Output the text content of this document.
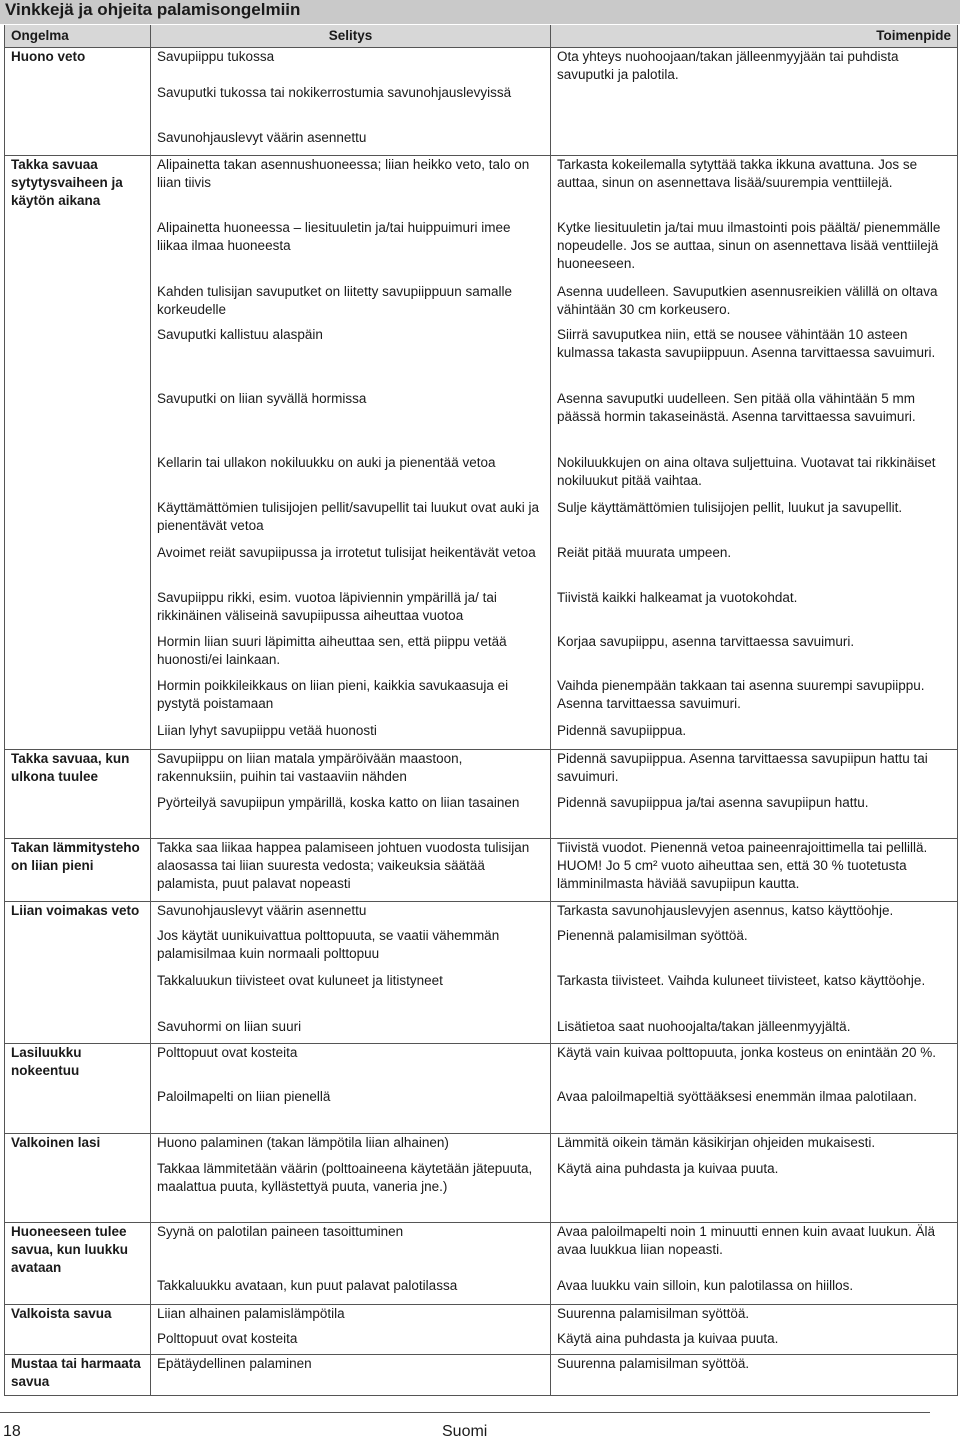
Vinkkejä ja ohjeita palamisongelmiin
Ongelma	Selitys	Toimenpide

Huono veto	Savupiippu tukossa	Ota yhteys nuohoojaan/takan jälleenmyyjään tai puhdista savuputki ja palotila.

	Savuputki tukossa tai nokikerrostumia savunohjauslevyissä	

	Savunohjauslevyt väärin asennettu	

Takka savuaa sytytysvaiheen ja käytön aikana	Alipainetta takan asennushuoneessa; liian heikko veto, talo on liian tiivis	Tarkasta kokeilemalla sytyttää takka ikkuna avattuna. Jos se auttaa, sinun on asennettava lisää/suurempia venttiilejä.

	Alipainetta huoneessa – liesituuletin ja/tai huippuimuri imee liikaa ilmaa huoneesta	Kytke liesituuletin ja/tai muu ilmastointi pois päältä/ pienemmälle nopeudelle. Jos se auttaa, sinun on asennettava lisää venttiilejä huoneeseen.

	Kahden tulisijan savuputket on liitetty savupiippuun samalle korkeudelle	Asenna uudelleen. Savuputkien asennusreikien välillä on oltava vähintään 30 cm korkeusero.

	Savuputki kallistuu alaspäin	Siirrä savuputkea niin, että se nousee vähintään 10 asteen kulmassa takasta savupiippuun. Asenna tarvittaessa savuimuri.

	Savuputki on liian syvällä hormissa	Asenna savuputki uudelleen. Sen pitää olla vähintään 5 mm päässä hormin takaseinästä. Asenna tarvittaessa savuimuri.

	Kellarin tai ullakon nokiluukku on auki ja pienentää vetoa	Nokiluukkujen on aina oltava suljettuina. Vuotavat tai rikkinäiset nokiluukut pitää vaihtaa.

	Käyttämättömien tulisijojen pellit/savupellit tai luukut ovat auki ja pienentävät vetoa	Sulje käyttämättömien tulisijojen pellit, luukut ja savupellit.

	Avoimet reiät savupiipussa ja irrotetut tulisijat heikentävät vetoa	Reiät pitää muurata umpeen.

	Savupiippu rikki, esim. vuotoa läpiviennin ympärillä ja/ tai rikkinäinen väliseinä savupiipussa aiheuttaa vuotoa	Tiivistä kaikki halkeamat ja vuotokohdat.

	Hormin liian suuri läpimitta aiheuttaa sen, että piippu vetää huonosti/ei lainkaan.	Korjaa savupiippu, asenna tarvittaessa savuimuri.

	Hormin poikkileikkaus on liian pieni, kaikkia savukaasuja ei pystytä poistamaan	Vaihda pienempään takkaan tai asenna suurempi savupiippu. Asenna tarvittaessa savuimuri.

	Liian lyhyt savupiippu vetää huonosti	Pidennä savupiippua.

Takka savuaa, kun ulkona tuulee	Savupiippu on liian matala ympäröivään maastoon, rakennuksiin, puihin tai vastaaviin nähden	Pidennä savupiippua. Asenna tarvittaessa savupiipun hattu tai savuimuri.

	Pyörteilyä savupiipun ympärillä, koska katto on liian tasainen	Pidennä savupiippua ja/tai asenna savupiipun hattu.

Takan lämmitysteho on liian pieni	Takka saa liikaa happea palamiseen johtuen vuodosta tulisijan alaosassa tai liian suuresta vedosta; vaikeuksia säätää palamista, puut palavat nopeasti	Tiivistä vuodot. Pienennä vetoa paineenrajoittimella tai pellillä. HUOM! Jo 5 cm² vuoto aiheuttaa sen, että 30 % tuotetusta lämminilmasta häviää savupiipun kautta.

Liian voimakas veto	Savunohjauslevyt väärin asennettu	Tarkasta savunohjauslevyjen asennus, katso käyttöohje.

	Jos käytät uunikuivattua polttopuuta, se vaatii vähemmän palamisilmaa kuin normaali polttopuu	Pienennä palamisilman syöttöä.

	Takkaluukun tiivisteet ovat kuluneet ja litistyneet	Tarkasta tiivisteet. Vaihda kuluneet tiivisteet, katso käyttöohje.

	Savuhormi on liian suuri	Lisätietoa saat nuohoojalta/takan jälleenmyyjältä.

Lasiluukku nokeentuu	Polttopuut ovat kosteita	Käytä vain kuivaa polttopuuta, jonka kosteus on enintään 20 %.

	Paloilmapelti on liian pienellä	Avaa paloilmapeltiä syöttääksesi enemmän ilmaa palotilaan.

Valkoinen lasi	Huono palaminen (takan lämpötila liian alhainen)	Lämmitä oikein tämän käsikirjan ohjeiden mukaisesti.

	Takkaa lämmitetään väärin (polttoaineena käytetään jätepuuta, maalattua puuta, kyllästettyä puuta, vaneria jne.)	Käytä aina puhdasta ja kuivaa puuta.

Huoneeseen tulee savua, kun luukku avataan	Syynä on palotilan paineen tasoittuminen	Avaa paloilmapelti noin 1 minuutti ennen kuin avaat luukun. Älä avaa luukkua liian nopeasti.

	Takkaluukku avataan, kun puut palavat palotilassa	Avaa luukku vain silloin, kun palotilassa on hiillos.

Valkoista savua	Liian alhainen palamislämpötila	Suurenna palamisilman syöttöä.

	Polttopuut ovat kosteita	Käytä aina puhdasta ja kuivaa puuta.

Mustaa tai harmaata savua	Epätäydellinen palaminen	Suurenna palamisilman syöttöä.
18	Suomi
